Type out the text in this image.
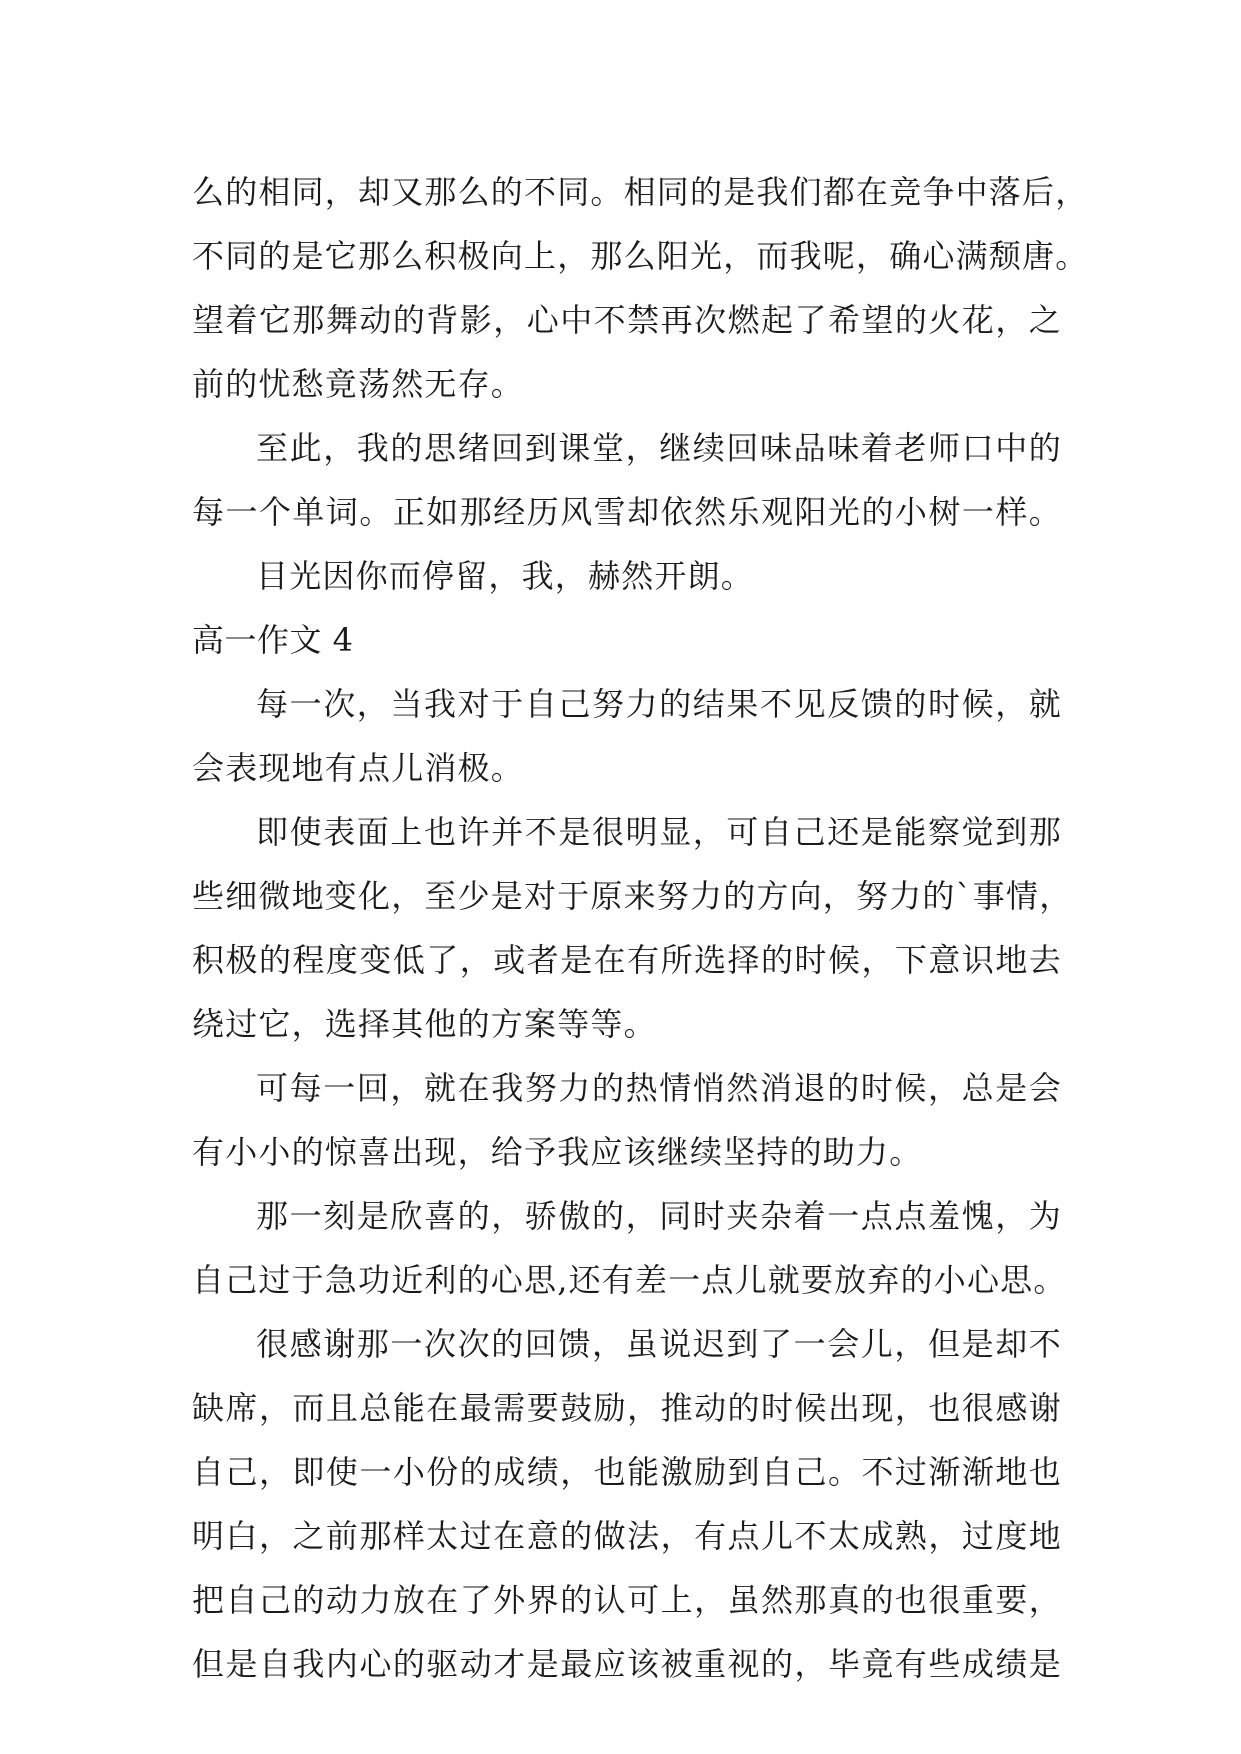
么的相同，却又那么的不同。相同的是我们都在竞争中落后，
不同的是它那么积极向上，那么阳光，而我呢，确心满颓唐。
望着它那舞动的背影，心中不禁再次燃起了希望的火花，之
前的忧愁竟荡然无存。
至此，我的思绪回到课堂，继续回味品味着老师口中的
每一个单词。正如那经历风雪却依然乐观阳光的小树一样。
目光因你而停留，我，赫然开朗。
高一作文 4
每一次，当我对于自己努力的结果不见反馈的时候，就
会表现地有点儿消极。
即使表面上也许并不是很明显，可自己还是能察觉到那
些细微地变化，至少是对于原来努力的方向，努力的`事情，
积极的程度变低了，或者是在有所选择的时候，下意识地去
绕过它，选择其他的方案等等。
可每一回，就在我努力的热情悄然消退的时候，总是会
有小小的惊喜出现，给予我应该继续坚持的助力。
那一刻是欣喜的，骄傲的，同时夹杂着一点点羞愧，为
自己过于急功近利的心思,还有差一点儿就要放弃的小心思。
很感谢那一次次的回馈，虽说迟到了一会儿，但是却不
缺席，而且总能在最需要鼓励，推动的时候出现，也很感谢
自己，即使一小份的成绩，也能激励到自己。不过渐渐地也
明白，之前那样太过在意的做法，有点儿不太成熟，过度地
把自己的动力放在了外界的认可上，虽然那真的也很重要，
但是自我内心的驱动才是最应该被重视的，毕竟有些成绩是
